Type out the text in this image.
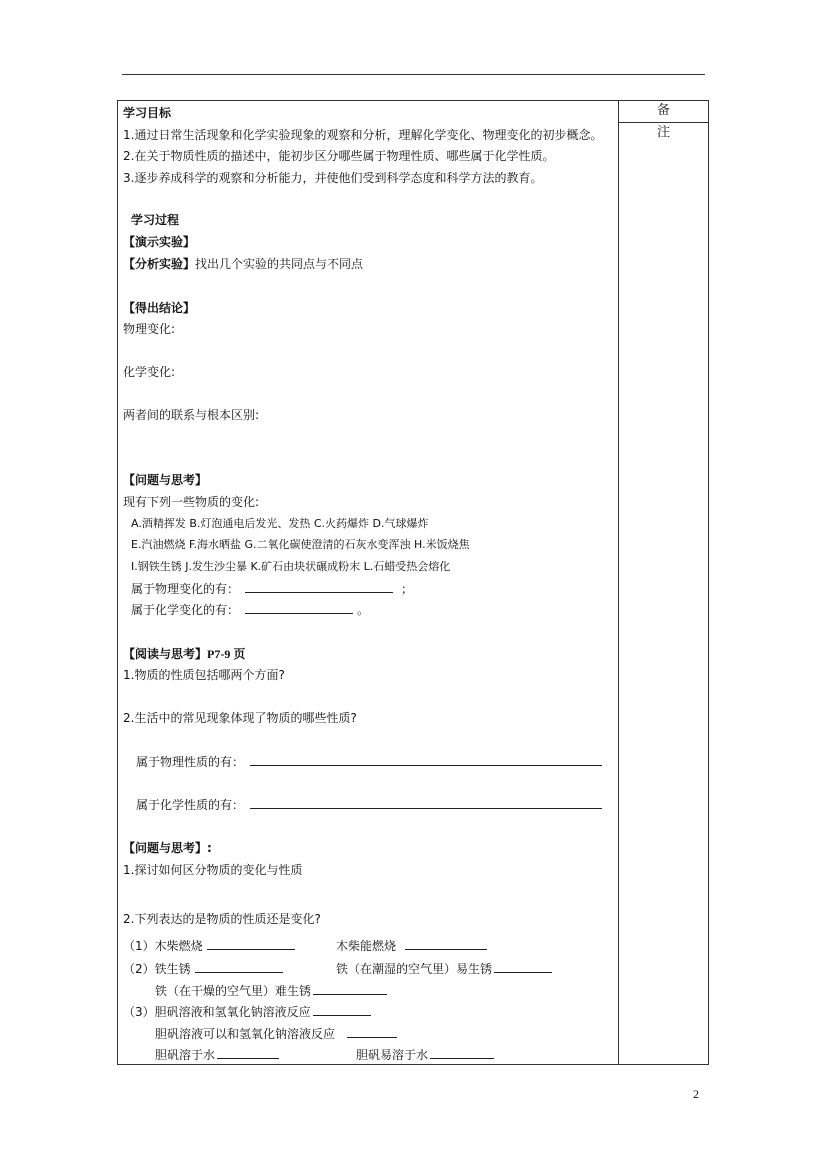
备　注
学习目标
1.通过日常生活现象和化学实验现象的观察和分析，理解化学变化、物理变化的初步概念。
2.在关于物质性质的描述中，能初步区分哪些属于物理性质、哪些属于化学性质。
3.逐步养成科学的观察和分析能力，并使他们受到科学态度和科学方法的教育。
学习过程
【演示实验】
【分析实验】找出几个实验的共同点与不同点
【得出结论】
物理变化:
化学变化:
两者间的联系与根本区别:
【问题与思考】
现有下列一些物质的变化:
A.酒精挥发 B.灯泡通电后发光、发热 C.火药爆炸 D.气球爆炸
E.汽油燃烧 F.海水晒盐 G.二氧化碳使澄清的石灰水变浑浊 H.米饭烧焦
I.钢铁生锈 J.发生沙尘暴 K.矿石由块状碾成粉末 L.石蜡受热会熔化
属于物理变化的有：	；
属于化学变化的有：	。
【阅读与思考】P7-9 页
1.物质的性质包括哪两个方面?
2.生活中的常见现象体现了物质的哪些性质?
属于物理性质的有：
属于化学性质的有：
【问题与思考】:
1.探讨如何区分物质的变化与性质
2.下列表达的是物质的性质还是变化?
（1）木柴燃烧	木柴能燃烧
（2）铁生锈	铁（在潮湿的空气里）易生锈
铁（在干燥的空气里）难生锈
（3）胆矾溶液和氢氧化钠溶液反应
胆矾溶液可以和氢氧化钠溶液反应
胆矾溶于水	胆矾易溶于水
2
